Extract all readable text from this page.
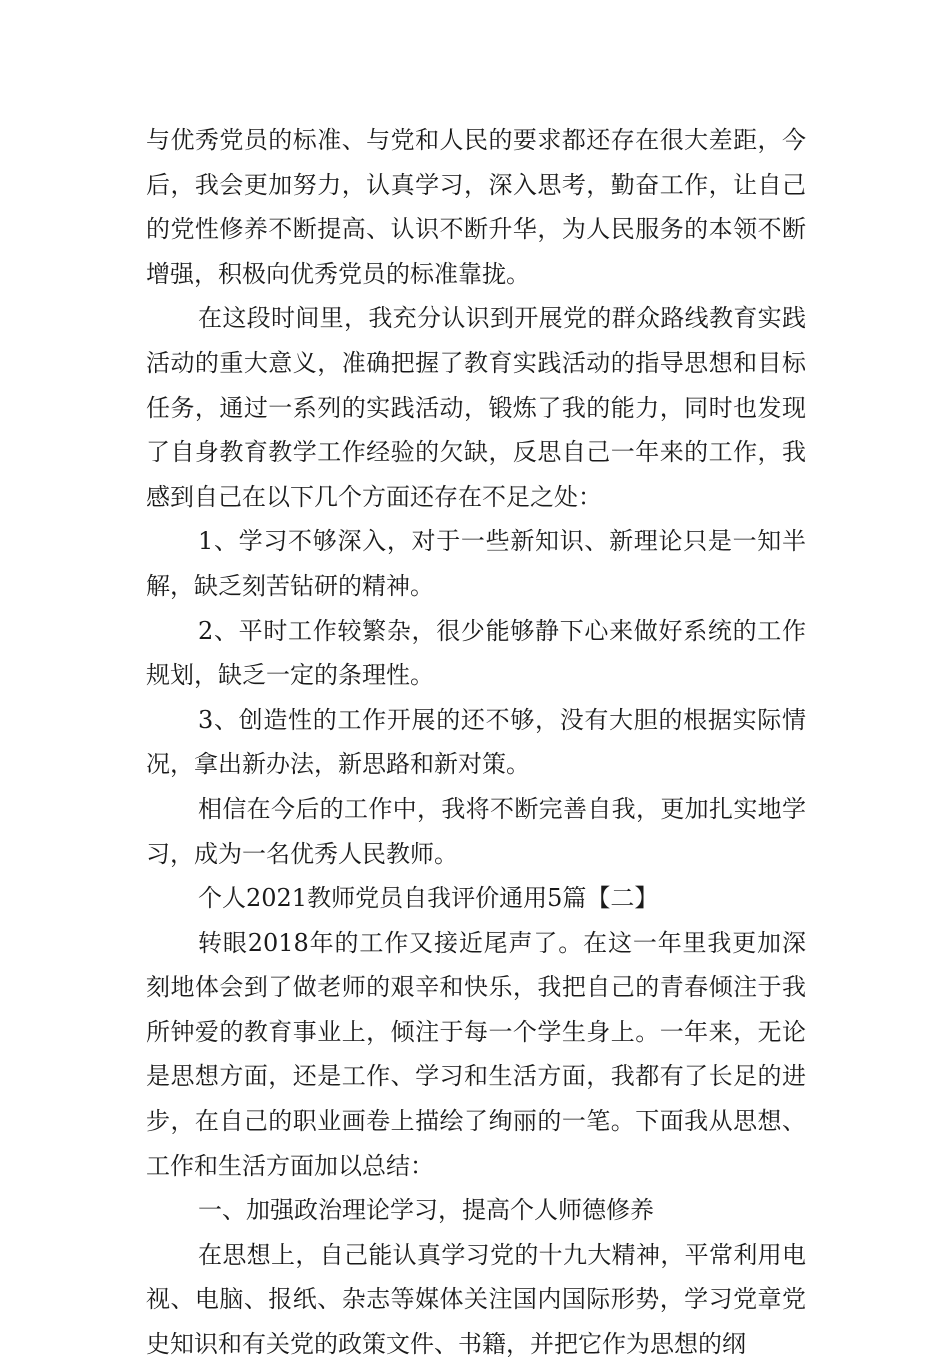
与优秀党员的标准、与党和人民的要求都还存在很大差距，今后，我会更加努力，认真学习，深入思考，勤奋工作，让自己的党性修养不断提高、认识不断升华，为人民服务的本领不断增强，积极向优秀党员的标准靠拢。

在这段时间里，我充分认识到开展党的群众路线教育实践活动的重大意义，准确把握了教育实践活动的指导思想和目标任务，通过一系列的实践活动，锻炼了我的能力，同时也发现了自身教育教学工作经验的欠缺，反思自己一年来的工作，我感到自己在以下几个方面还存在不足之处：

1、学习不够深入，对于一些新知识、新理论只是一知半解，缺乏刻苦钻研的精神。

2、平时工作较繁杂，很少能够静下心来做好系统的工作规划，缺乏一定的条理性。

3、创造性的工作开展的还不够，没有大胆的根据实际情况，拿出新办法，新思路和新对策。

相信在今后的工作中，我将不断完善自我，更加扎实地学习，成为一名优秀人民教师。

个人2021教师党员自我评价通用5篇【二】

转眼2018年的工作又接近尾声了。在这一年里我更加深刻地体会到了做老师的艰辛和快乐，我把自己的青春倾注于我所钟爱的教育事业上，倾注于每一个学生身上。一年来，无论是思想方面，还是工作、学习和生活方面，我都有了长足的进步，在自己的职业画卷上描绘了绚丽的一笔。下面我从思想、工作和生活方面加以总结：

一、加强政治理论学习，提高个人师德修养

在思想上，自己能认真学习党的十九大精神，平常利用电视、电脑、报纸、杂志等媒体关注国内国际形势，学习党章党史知识和有关党的政策文件、书籍，并把它作为思想的纲
